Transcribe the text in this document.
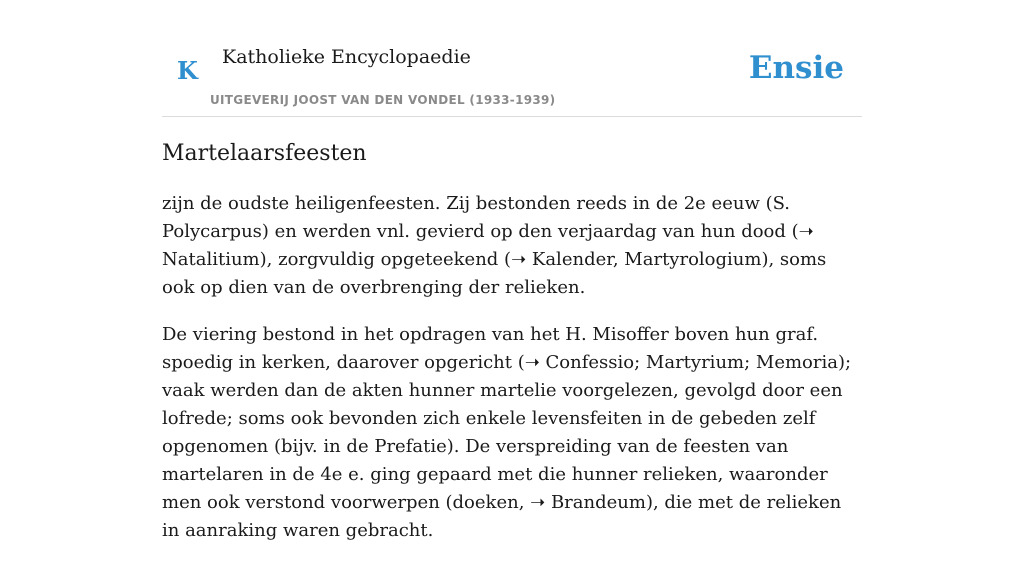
K Katholieke Encyclopaedie
UITGEVERIJ JOOST VAN DEN VONDEL (1933-1939)
Ensie
Martelaarsfeesten

zijn de oudste heiligenfeesten. Zij bestonden reeds in de 2e eeuw (S. Polycarpus) en werden vnl. gevierd op den verjaardag van hun dood (➝ Natalitium), zorgvuldig opgeteekend (➝ Kalender, Martyrologium), soms ook op dien van de overbrenging der relieken.

De viering bestond in het opdragen van het H. Misoffer boven hun graf. spoedig in kerken, daarover opgericht (➝ Confessio; Martyrium; Memoria); vaak werden dan de akten hunner martelie voorgelezen, gevolgd door een lofrede; soms ook bevonden zich enkele levensfeiten in de gebeden zelf opgenomen (bijv. in de Prefatie). De verspreiding van de feesten van martelaren in de 4e e. ging gepaard met die hunner relieken, waaronder men ook verstond voorwerpen (doeken, ➝ Brandeum), die met de relieken in aanraking waren gebracht.
